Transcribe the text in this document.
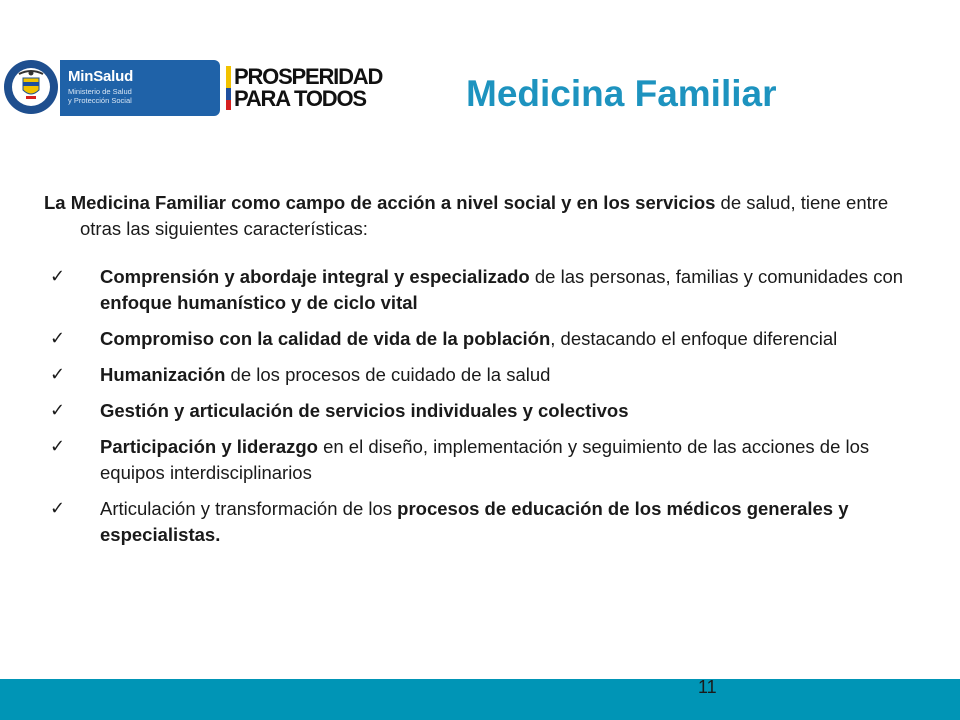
MinSalud
Ministerio de Salud
y Protección Social
PROSPERIDAD
PARA TODOS	Medicina Familiar

La Medicina Familiar como campo de acción a nivel social y en los servicios de salud, tiene entre otras las siguientes características:

✓ Comprensión y abordaje integral y especializado de las personas, familias y comunidades con enfoque humanístico y de ciclo vital
✓ Compromiso con la calidad de vida de la población, destacando el enfoque diferencial
✓ Humanización de los procesos de cuidado de la salud
✓ Gestión y articulación de servicios individuales y colectivos
✓ Participación y liderazgo en el diseño, implementación y seguimiento de las acciones de los equipos interdisciplinarios
✓ Articulación y transformación de los procesos de educación de los médicos generales y especialistas.
11
